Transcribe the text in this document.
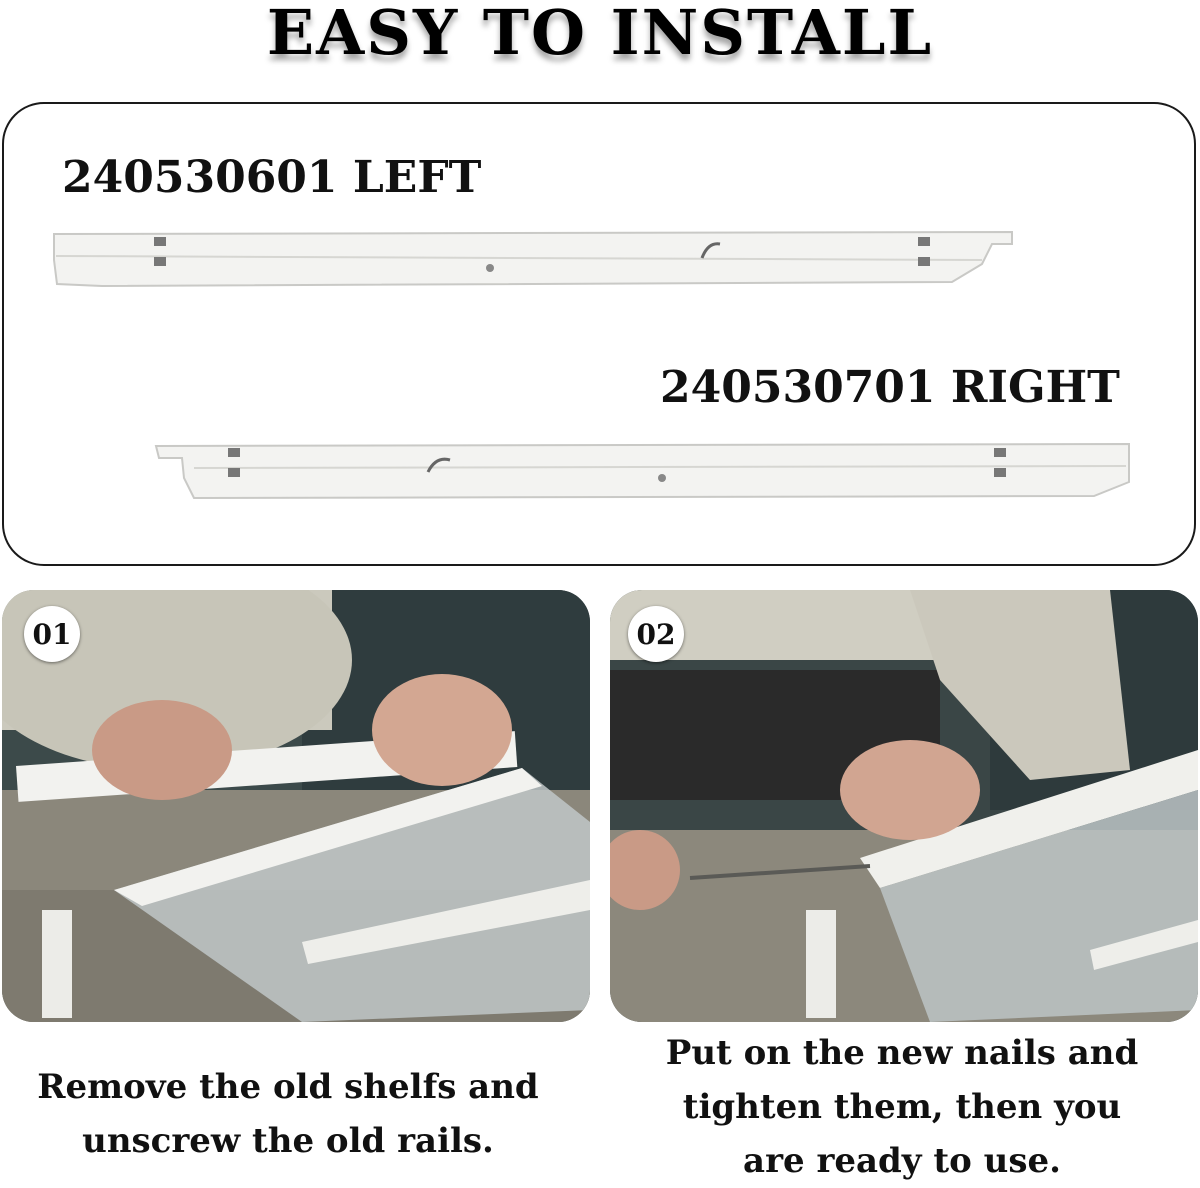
EASY TO INSTALL
240530601 LEFT
240530701 RIGHT
01	02
Remove the old shelfs and
unscrew the old rails.
Put on the new nails and
tighten them, then you
are ready to use.
